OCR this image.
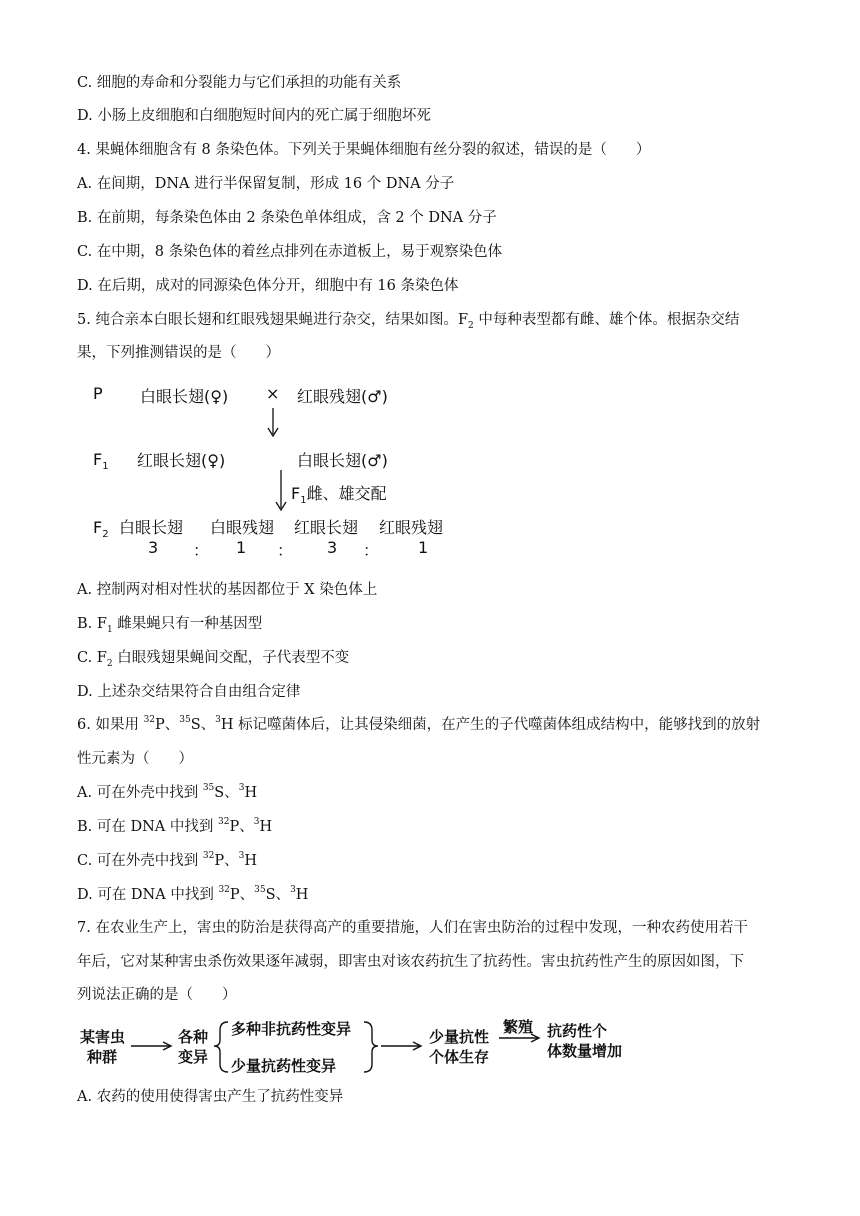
C. 细胞的寿命和分裂能力与它们承担的功能有关系
D. 小肠上皮细胞和白细胞短时间内的死亡属于细胞坏死
4. 果蝇体细胞含有 8 条染色体。下列关于果蝇体细胞有丝分裂的叙述，错误的是（　　）
A. 在间期，DNA 进行半保留复制，形成 16 个 DNA 分子
B. 在前期，每条染色体由 2 条染色单体组成，含 2 个 DNA 分子
C. 在中期，8 条染色体的着丝点排列在赤道板上，易于观察染色体
D. 在后期，成对的同源染色体分开，细胞中有 16 条染色体
5. 纯合亲本白眼长翅和红眼残翅果蝇进行杂交，结果如图。$F_2$ 中每种表型都有雌、雄个体。根据杂交结
果，下列推测错误的是（　　）
P 白眼长翅(♀) × 红眼残翅(♂)
$F_1$ 红眼长翅(♀)	白眼长翅(♂)
$F_1$雌、雄交配
$F_2$ 白眼长翅 白眼残翅 红眼长翅 红眼残翅
3 ： 1 ： 3 ： 1
A. 控制两对相对性状的基因都位于 X 染色体上
B. $F_1$ 雌果蝇只有一种基因型
C. $F_2$ 白眼残翅果蝇间交配，子代表型不变
D. 上述杂交结果符合自由组合定律
6. 如果用 $^{32}$P、$^{35}$S、$^3$H 标记噬菌体后，让其侵染细菌，在产生的子代噬菌体组成结构中，能够找到的放射
性元素为（　　）
A. 可在外壳中找到 $^{35}$S、$^3$H
B. 可在 DNA 中找到 $^{32}$P、$^3$H
C. 可在外壳中找到 $^{32}$P、$^3$H
D. 可在 DNA 中找到 $^{32}$P、$^{35}$S、$^3$H
7. 在农业生产上，害虫的防治是获得高产的重要措施，人们在害虫防治的过程中发现，一种农药使用若干
年后，它对某种害虫杀伤效果逐年减弱，即害虫对该农药抗生了抗药性。害虫抗药性产生的原因如图，下
列说法正确的是（　　）
某害虫
种群
各种
变异
多种非抗药性变异
少量抗药性变异
少量抗性
个体生存
繁殖 抗药性个
体数量增加
A. 农药的使用使得害虫产生了抗药性变异
